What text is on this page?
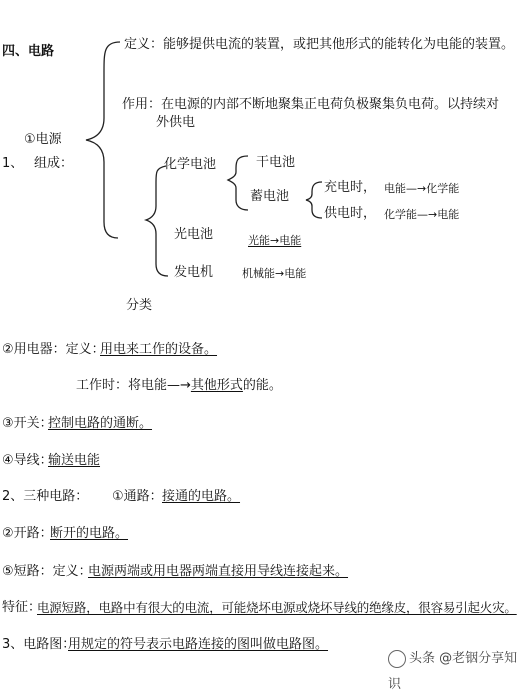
四、电路	定义：能够提供电流的装置，或把其他形式的能转化为电能的装置。
作用：在电源的内部不断地聚集正电荷负极聚集负电荷。以持续对
外供电
①电源
1、 组成：	化学电池	干电池
蓄电池
充电时， 电能—→化学能
供电时， 化学能—→电能
光电池	光能→电能
发电机	机械能→电能
分类
②用电器：定义：
用电来工作的设备。
工作时：将电能—→其他形式的能。
③开关：
控制电路的通断。
④导线：
输送电能
2、三种电路： ①通路： 接通的电路。
②开路：
断开的电路。
⑤短路：定义：
电源两端或用电器两端直接用导线连接起来。
特征：
电源短路，电路中有很大的电流，可能烧坏电源或烧坏导线的绝缘皮，很容易引起火灾。
3、电路图：
用规定的符号表示电路连接的图叫做电路图。
头条 @老铟分享知识
